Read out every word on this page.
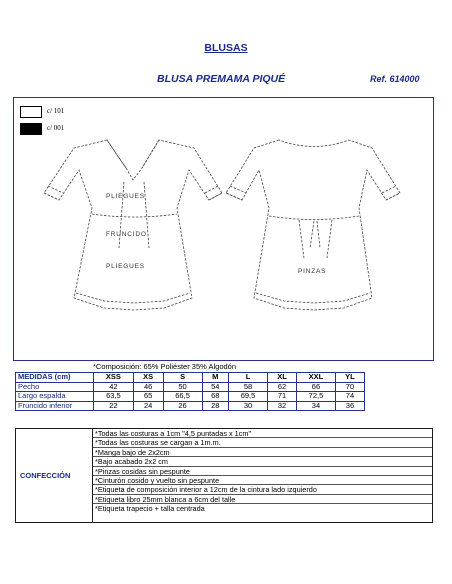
BLUSAS
BLUSA PREMAMA PIQUÉ	Ref. 614000
c/ 101
c/ 001
PLIEGUES
FRUNCIDO
PLIEGUES
PINZAS
*Composición: 65% Poliéster 35% Algodón
MEDIDAS (cm)	XSS	XS	S	M	L	XL	XXL	YL
Pecho	42	46	50	54	58	62	66	70
Largo espalda	63,5	65	66,5	68	69,5	71	72,5	74
Fruncido inferior	22	24	26	28	30	32	34	36
CONFECCIÓN
*Todas las costuras a 1cm "4,5 puntadas x 1cm"
*Todas las costuras se cargan a 1m.m.
*Manga bajo de 2x2cm
*Bajo acabado 2x2 cm
*Pinzas cosidas sin pespunte
*Cinturón cosido y vuelto sin pespunte
*Etiqueta de composición interior a 12cm de la cintura lado izquierdo
*Etiqueta libro 25mm blanca a 6cm del talle
*Etiqueta trapecio + talla centrada
